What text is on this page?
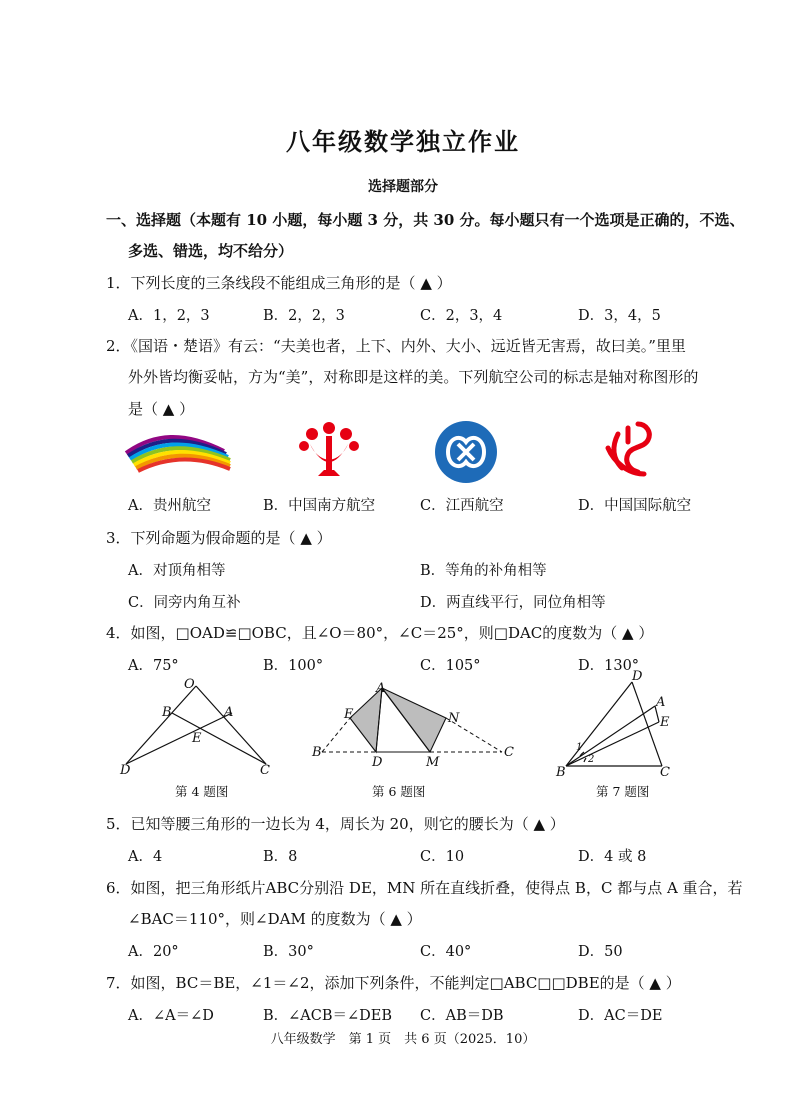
八年级数学独立作业
选择题部分
一、选择题（本题有 10 小题，每小题 3 分，共 30 分。每小题只有一个选项是正确的，不选、
多选、错选，均不给分）
1．下列长度的三条线段不能组成三角形的是（ ▲ ）
A．1，2，3	B．2，2，3	C．2，3，4	D．3，4，5
2．《国语・楚语》有云：“夫美也者，上下、内外、大小、远近皆无害焉，故曰美。”里里
外外皆均衡妥帖，方为“美”，对称即是这样的美。下列航空公司的标志是轴对称图形的
是（ ▲ ）
A．贵州航空	B．中国南方航空	C．江西航空	D．中国国际航空
3．下列命题为假命题的是（ ▲ ）
A．对顶角相等	B．等角的补角相等
C．同旁内角互补	D．两直线平行，同位角相等
4．如图，□OAD≌□OBC，且∠O＝80°，∠C＝25°，则□DAC的度数为（ ▲ ）
A．75°	B．100°	C．105°	D．130°
O
B	A
E
D	C
第 4 题图
A
E	N
B
D	M
C
第 6 题图
D
A
E
1
2
B	C
第 7 题图
5．已知等腰三角形的一边长为 4，周长为 20，则它的腰长为（ ▲ ）
A．4	B．8	C．10	D．4 或 8
6．如图，把三角形纸片ABC分别沿 DE，MN 所在直线折叠，使得点 B，C 都与点 A 重合，若
∠BAC＝110°，则∠DAM 的度数为（ ▲ ）
A．20°	B．30°	C．40°	D．50
7．如图，BC＝BE，∠1＝∠2，添加下列条件，不能判定□ABC□□DBE的是（ ▲ ）
A．∠A＝∠D	B．∠ACB＝∠DEB C．AB＝DB	D．AC＝DE
八年级数学　第 1 页　共 6 页（2025．10）
